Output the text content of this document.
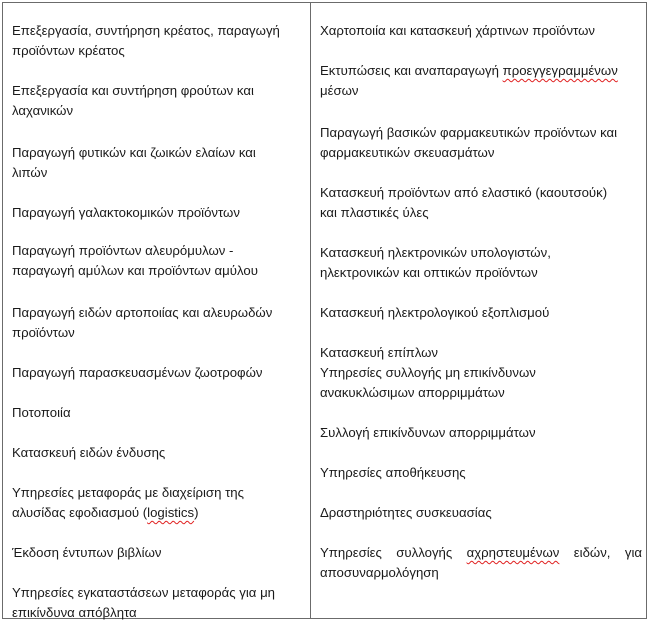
Επεξεργασία, συντήρηση κρέατος, παραγωγή
προϊόντων κρέατος
Επεξεργασία και συντήρηση φρούτων και
λαχανικών
Παραγωγή φυτικών και ζωικών ελαίων και
λιπών
Παραγωγή γαλακτοκομικών προϊόντων
Παραγωγή προϊόντων αλευρόμυλων -
παραγωγή αμύλων και προϊόντων αμύλου
Παραγωγή ειδών αρτοποιίας και αλευρωδών
προϊόντων
Παραγωγή παρασκευασμένων ζωοτροφών
Ποτοποιία
Κατασκευή ειδών ένδυσης
Υπηρεσίες μεταφοράς με διαχείριση της
αλυσίδας εφοδιασμού (logistics)
Έκδοση έντυπων βιβλίων
Υπηρεσίες εγκαταστάσεων μεταφοράς για μη
επικίνδυνα απόβλητα
Χαρτοποιία και κατασκευή χάρτινων προϊόντων
Εκτυπώσεις και αναπαραγωγή προεγγεγραμμένων
μέσων
Παραγωγή βασικών φαρμακευτικών προϊόντων και
φαρμακευτικών σκευασμάτων
Κατασκευή προϊόντων από ελαστικό (καουτσούκ)
και πλαστικές ύλες
Κατασκευή ηλεκτρονικών υπολογιστών,
ηλεκτρονικών και οπτικών προϊόντων
Κατασκευή ηλεκτρολογικού εξοπλισμού
Κατασκευή επίπλων
Υπηρεσίες συλλογής μη επικίνδυνων
ανακυκλώσιμων απορριμμάτων
Συλλογή επικίνδυνων απορριμμάτων
Υπηρεσίες αποθήκευσης
Δραστηριότητες συσκευασίας
Υπηρεσίες συλλογής αχρηστευμένων ειδών, για
αποσυναρμολόγηση
